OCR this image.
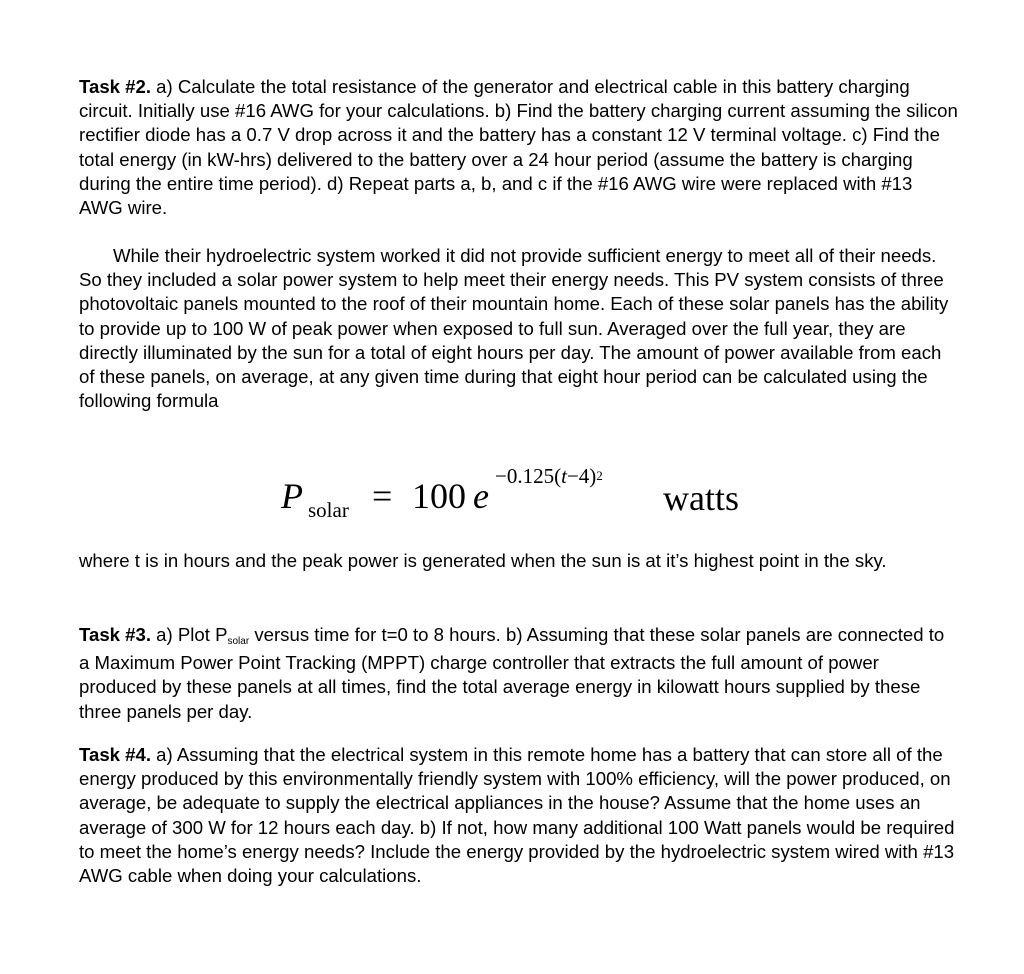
Task #2. a) Calculate the total resistance of the generator and electrical cable in this battery charging circuit. Initially use #16 AWG for your calculations. b) Find the battery charging current assuming the silicon rectifier diode has a 0.7 V drop across it and the battery has a constant 12 V terminal voltage. c) Find the total energy (in kW-hrs) delivered to the battery over a 24 hour period (assume the battery is charging during the entire time period). d) Repeat parts a, b, and c if the #16 AWG wire were replaced with #13 AWG wire.

While their hydroelectric system worked it did not provide sufficient energy to meet all of their needs. So they included a solar power system to help meet their energy needs. This PV system consists of three photovoltaic panels mounted to the roof of their mountain home. Each of these solar panels has the ability to provide up to 100 W of peak power when exposed to full sun. Averaged over the full year, they are directly illuminated by the sun for a total of eight hours per day. The amount of power available from each of these panels, on average, at any given time during that eight hour period can be calculated using the following formula

P solar = 100 $e -0.125(t-4)^2$
watts

where t is in hours and the peak power is generated when the sun is at it’s highest point in the sky.

Task #3. a) Plot Psolar versus time for t=0 to 8 hours. b) Assuming that these solar panels are connected to a Maximum Power Point Tracking (MPPT) charge controller that extracts the full amount of power produced by these panels at all times, find the total average energy in kilowatt hours supplied by these three panels per day.

Task #4. a) Assuming that the electrical system in this remote home has a battery that can store all of the energy produced by this environmentally friendly system with 100% efficiency, will the power produced, on average, be adequate to supply the electrical appliances in the house? Assume that the home uses an average of 300 W for 12 hours each day. b) If not, how many additional 100 Watt panels would be required to meet the home’s energy needs? Include the energy provided by the hydroelectric system wired with #13 AWG cable when doing your calculations.
